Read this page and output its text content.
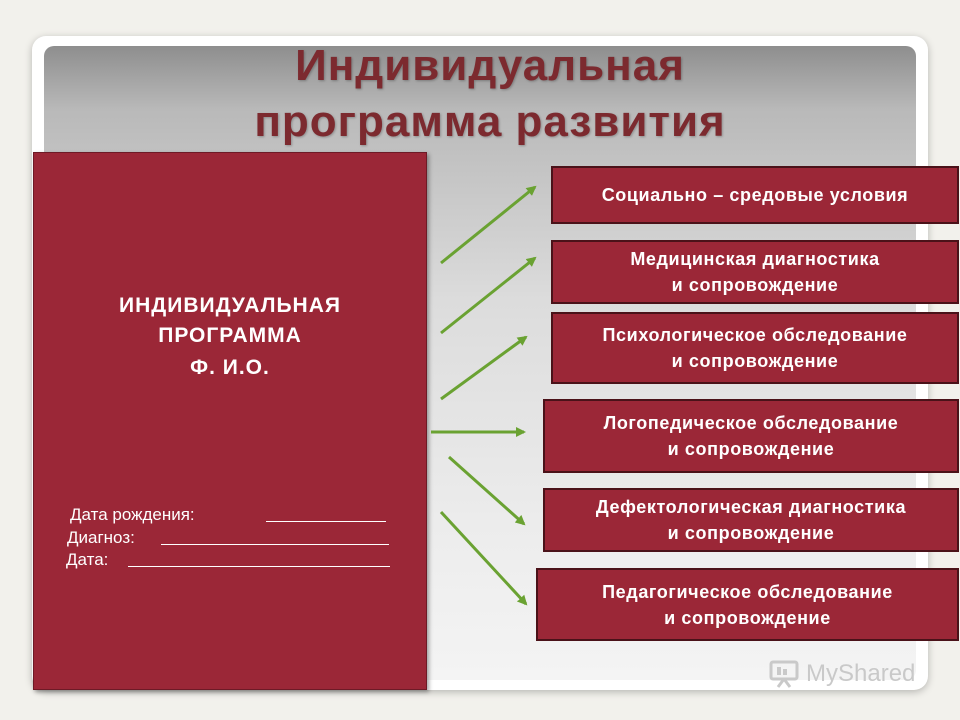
Индивидуальная
программа развития
ИНДИВИДУАЛЬНАЯ
ПРОГРАММА
Ф. И.О.
Дата рождения:
Диагноз:
Дата:
Социально – средовые условия
Медицинская диагностика
и сопровождение
Психологическое обследование
и сопровождение
Логопедическое обследование
и сопровождение
Дефектологическая диагностика
и сопровождение
Педагогическое обследование
и сопровождение
MyShared
